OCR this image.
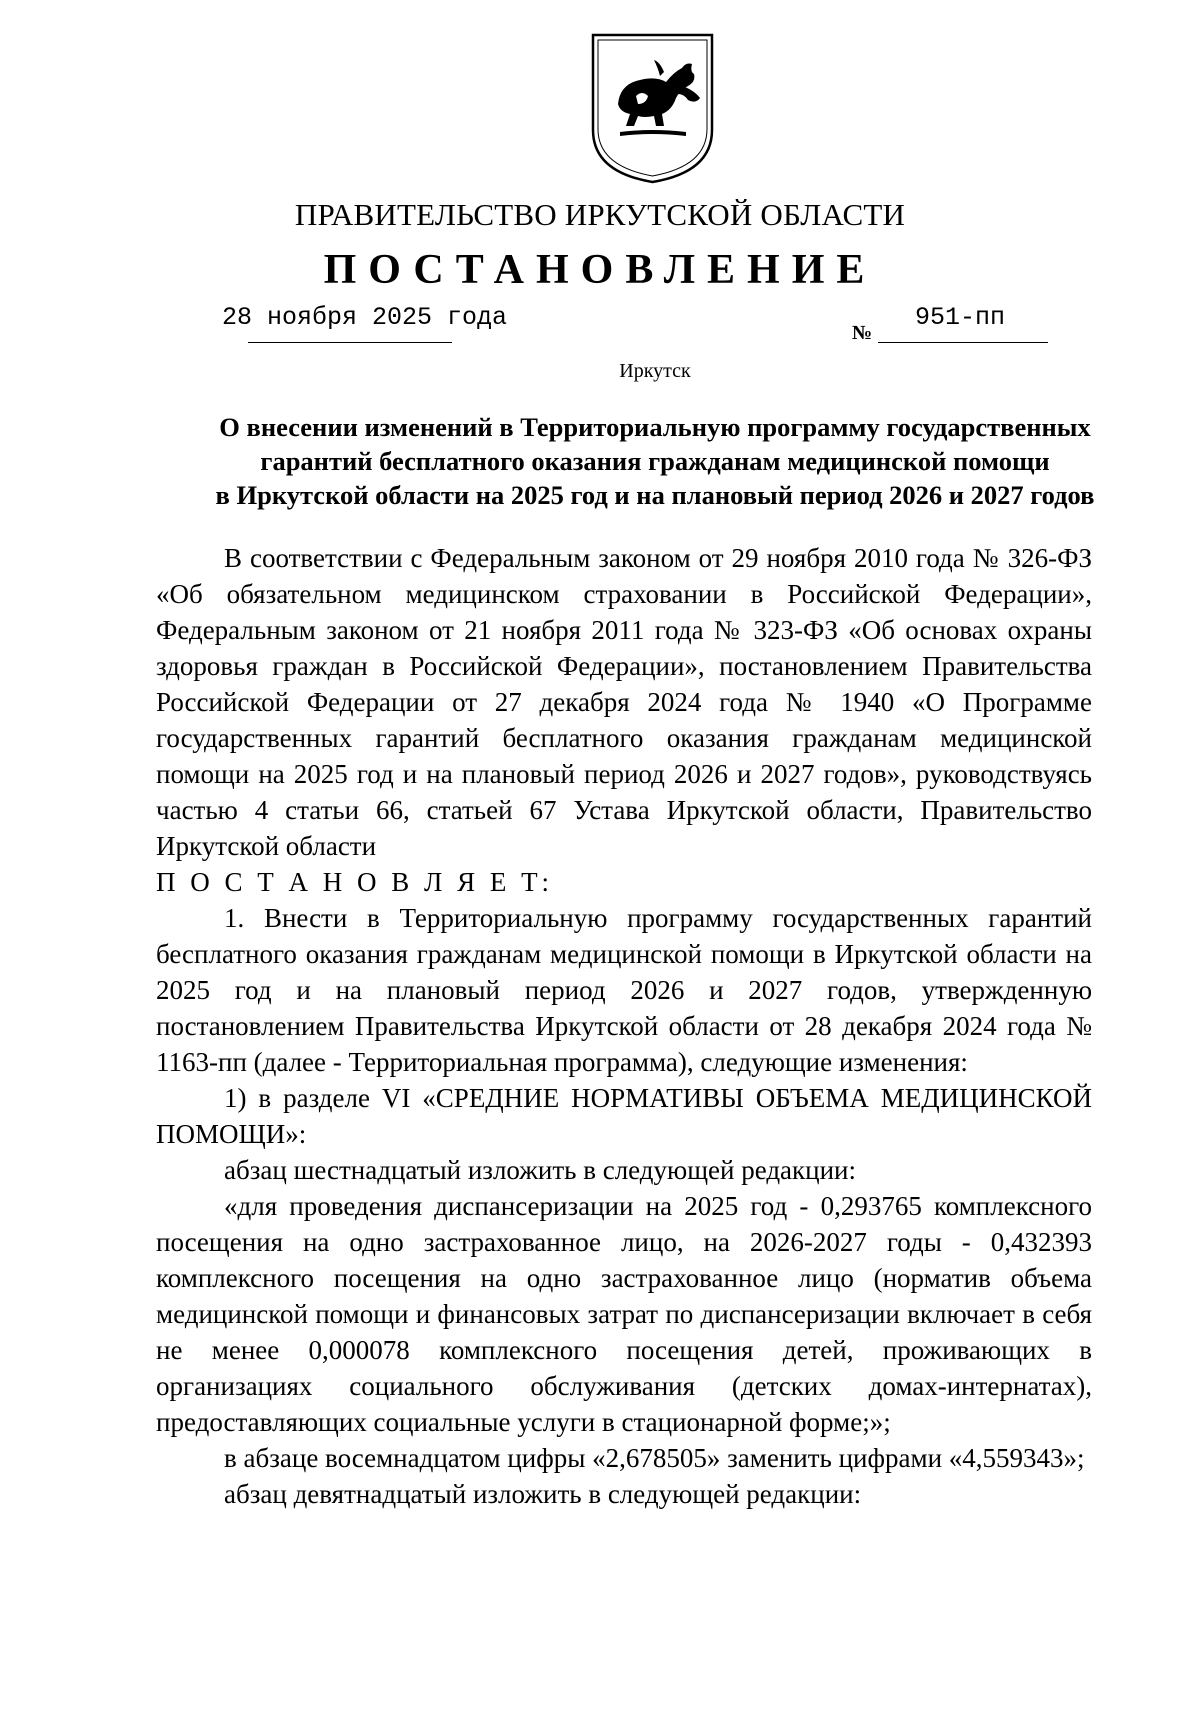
ПРАВИТЕЛЬСТВО ИРКУТСКОЙ ОБЛАСТИ
ПОСТАНОВЛЕНИЕ
28 ноября 2025 года
№
951-пп
Иркутск
О внесении изменений в Территориальную программу государственных
гарантий бесплатного оказания гражданам медицинской помощи
в Иркутской области на 2025 год и на плановый период 2026 и 2027 годов

В соответствии с Федеральным законом от 29 ноября 2010 года № 326-ФЗ «Об обязательном медицинском страховании в Российской Федерации», Федеральным законом от 21 ноября 2011 года № 323-ФЗ «Об основах охраны здоровья граждан в Российской Федерации», постановлением Правительства Российской Федерации от 27 декабря 2024 года № 1940 «О Программе государственных гарантий бесплатного оказания гражданам медицинской помощи на 2025 год и на плановый период 2026 и 2027 годов», руководствуясь частью 4 статьи 66, статьей 67 Устава Иркутской области, Правительство Иркутской области

П О С Т А Н О В Л Я Е Т:

1. Внести в Территориальную программу государственных гарантий бесплатного оказания гражданам медицинской помощи в Иркутской области на 2025 год и на плановый период 2026 и 2027 годов, утвержденную постановлением Правительства Иркутской области от 28 декабря 2024 года № 1163-пп (далее - Территориальная программа), следующие изменения:

1) в разделе VI «СРЕДНИЕ НОРМАТИВЫ ОБЪЕМА МЕДИЦИНСКОЙ ПОМОЩИ»:

абзац шестнадцатый изложить в следующей редакции:

«для проведения диспансеризации на 2025 год - 0,293765 комплексного посещения на одно застрахованное лицо, на 2026-2027 годы - 0,432393 комплексного посещения на одно застрахованное лицо (норматив объема медицинской помощи и финансовых затрат по диспансеризации включает в себя не менее 0,000078 комплексного посещения детей, проживающих в организациях социального обслуживания (детских домах-интернатах), предоставляющих социальные услуги в стационарной форме;»;

в абзаце восемнадцатом цифры «2,678505» заменить цифрами «4,559343»;

абзац девятнадцатый изложить в следующей редакции:
